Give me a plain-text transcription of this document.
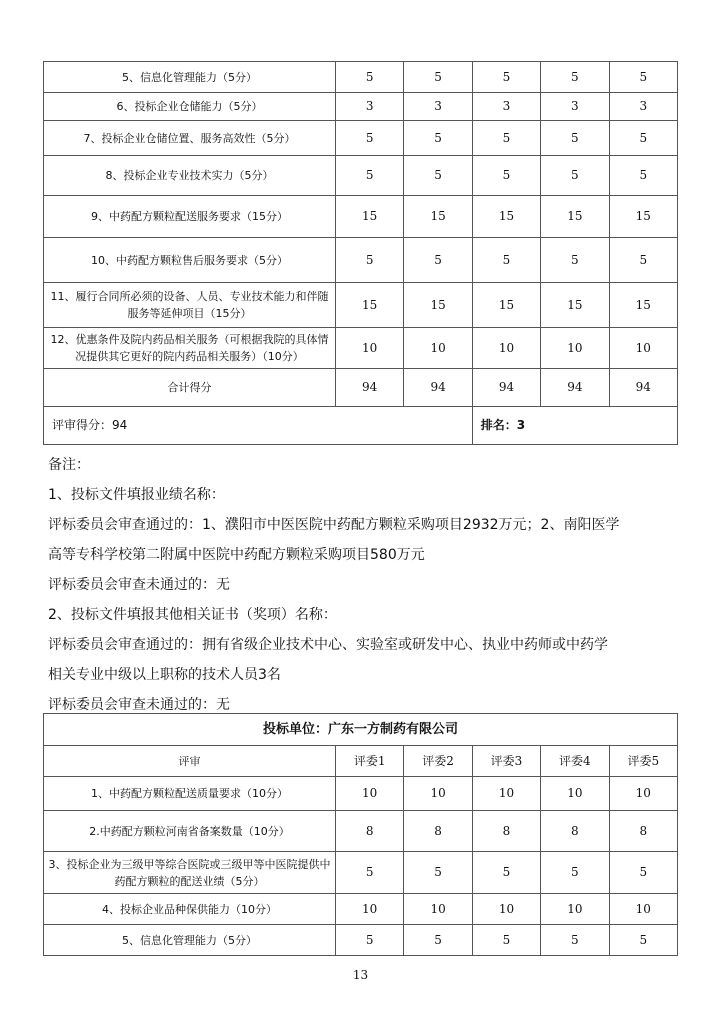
5、信息化管理能力（5分）	5	5	5	5	5
6、投标企业仓储能力（5分）	3	3	3	3	3
7、投标企业仓储位置、服务高效性（5分）	5	5	5	5	5
8、投标企业专业技术实力（5分）	5	5	5	5	5
9、中药配方颗粒配送服务要求（15分）	15	15	15	15	15
10、中药配方颗粒售后服务要求（5分）	5	5	5	5	5
11、履行合同所必须的设备、人员、专业技术能力和伴随服务等延伸项目（15分）	15	15	15	15	15
12、优惠条件及院内药品相关服务（可根据我院的具体情况提供其它更好的院内药品相关服务）（10分）	10	10	10	10	10
合计得分	94	94	94	94	94
评审得分：94			排名：3		
备注：
1、投标文件填报业绩名称：
评标委员会审查通过的：1、濮阳市中医医院中药配方颗粒采购项目2932万元；2、南阳医学
高等专科学校第二附属中医院中药配方颗粒采购项目580万元
评标委员会审查未通过的：无
2、投标文件填报其他相关证书（奖项）名称：
评标委员会审查通过的：拥有省级企业技术中心、实验室或研发中心、执业中药师或中药学
相关专业中级以上职称的技术人员3名
评标委员会审查未通过的：无
投标单位：广东一方制药有限公司					
评审	评委1	评委2	评委3	评委4	评委5
1、中药配方颗粒配送质量要求（10分）	10	10	10	10	10
2.中药配方颗粒河南省备案数量（10分）	8	8	8	8	8
3、投标企业为三级甲等综合医院或三级甲等中医院提供中药配方颗粒的配送业绩（5分）	5	5	5	5	5
4、投标企业品种保供能力（10分）	10	10	10	10	10
5、信息化管理能力（5分）	5	5	5	5	5
13
